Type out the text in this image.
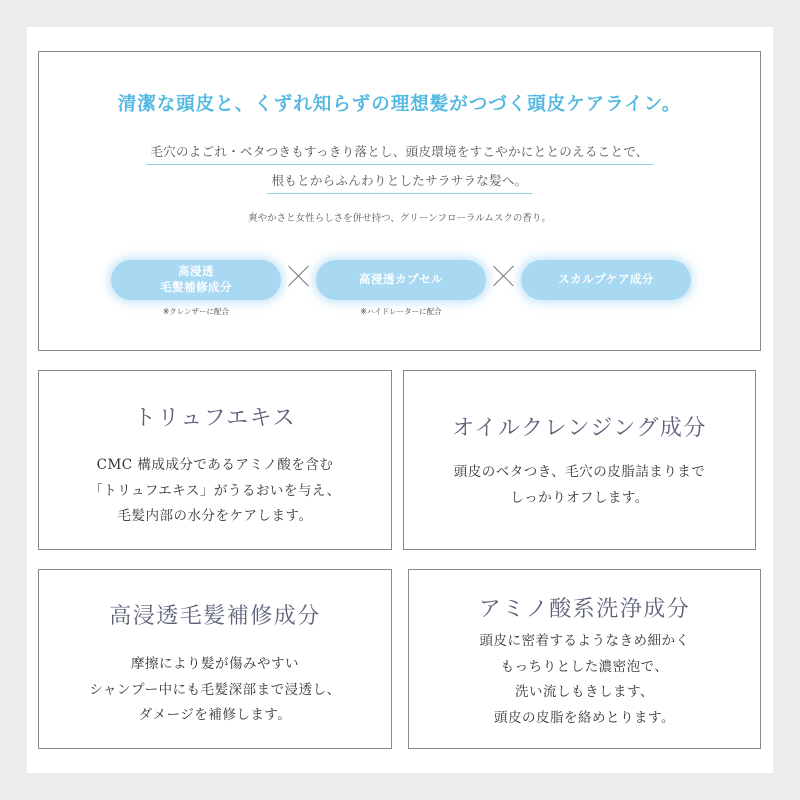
清潔な頭皮と、くずれ知らずの理想髪がつづく頭皮ケアライン。
毛穴のよごれ・ベタつきもすっきり落とし、頭皮環境をすこやかにととのえることで、
根もとからふんわりとしたサラサラな髪へ。
爽やかさと女性らしさを併せ持つ、グリーンフローラルムスクの香り。
高浸透
毛髪補修成分
高浸透カプセル	スカルプケア成分
※クレンザーに配合	※ハイドレーターに配合
トリュフエキス
CMC 構成成分であるアミノ酸を含む
「トリュフエキス」がうるおいを与え、
毛髪内部の水分をケアします。
オイルクレンジング成分
頭皮のベタつき、毛穴の皮脂詰まりまで
しっかりオフします。
高浸透毛髪補修成分
摩擦により髪が傷みやすい
シャンプー中にも毛髪深部まで浸透し、
ダメージを補修します。
アミノ酸系洗浄成分
頭皮に密着するようなきめ細かく
もっちりとした濃密泡で、
洗い流しもきします、
頭皮の皮脂を絡めとります。
